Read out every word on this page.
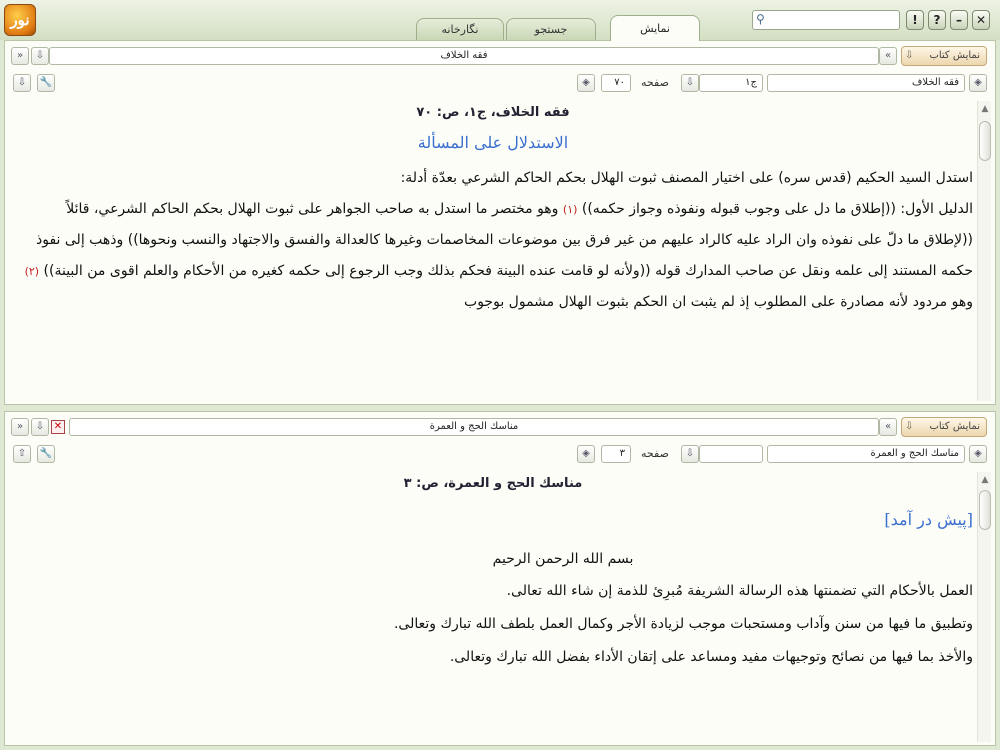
نور
نگارخانه	جستجو	نمایش
⚲	!	?	–	✕
»	⇩	فقه الخلاف	«	⇩ نمایش کتاب
⇩	🔧	◈	۷۰	صفحه	⇩	ج۱	فقه الخلاف	◈
فقه الخلاف، ج۱، ص: ۷۰
الاستدلال على المسألة
استدل السيد الحكيم (قدس سره) على اختيار المصنف ثبوت الهلال بحكم الحاكم الشرعي بعدّة أدلة:
الدليل الأول: ((إطلاق ما دل على وجوب قبوله ونفوذه وجواز حكمه)) (۱) وهو مختصر ما استدل به صاحب الجواهر على ثبوت الهلال بحكم الحاكم الشرعي، قائلاً ((لإطلاق ما دلّ على نفوذه وان الراد عليه كالراد عليهم من غير فرق بين موضوعات المخاصمات وغيرها كالعدالة والفسق والاجتهاد والنسب ونحوها)) وذهب إلى نفوذ حكمه المستند إلى علمه ونقل عن صاحب المدارك قوله ((ولأنه لو قامت عنده البينة فحكم بذلك وجب الرجوع إلى حكمه كغيره من الأحكام والعلم اقوى من البينة)) (۲) وهو مردود لأنه مصادرة على المطلوب إذ لم يثبت ان الحكم بثبوت الهلال مشمول بوجوب
▲
»	⇩ ✕	مناسك الحج و العمرة	«	⇩ نمایش کتاب
⇧	🔧	◈	۳	صفحه	⇩	مناسك الحج و العمرة	◈
مناسك الحج و العمرة، ص: ۳
[پیش در آمد]
بسم الله الرحمن الرحيم
العمل بالأحكام التي تضمنتها هذه الرسالة الشريفة مُبرِئ للذمة إن شاء الله تعالى.
وتطبيق ما فيها من سنن وآداب ومستحبات موجب لزيادة الأجر وكمال العمل بلطف الله تبارك وتعالى.
والأخذ بما فيها من نصائح وتوجيهات مفيد ومساعد على إتقان الأداء بفضل الله تبارك وتعالى.
▲
